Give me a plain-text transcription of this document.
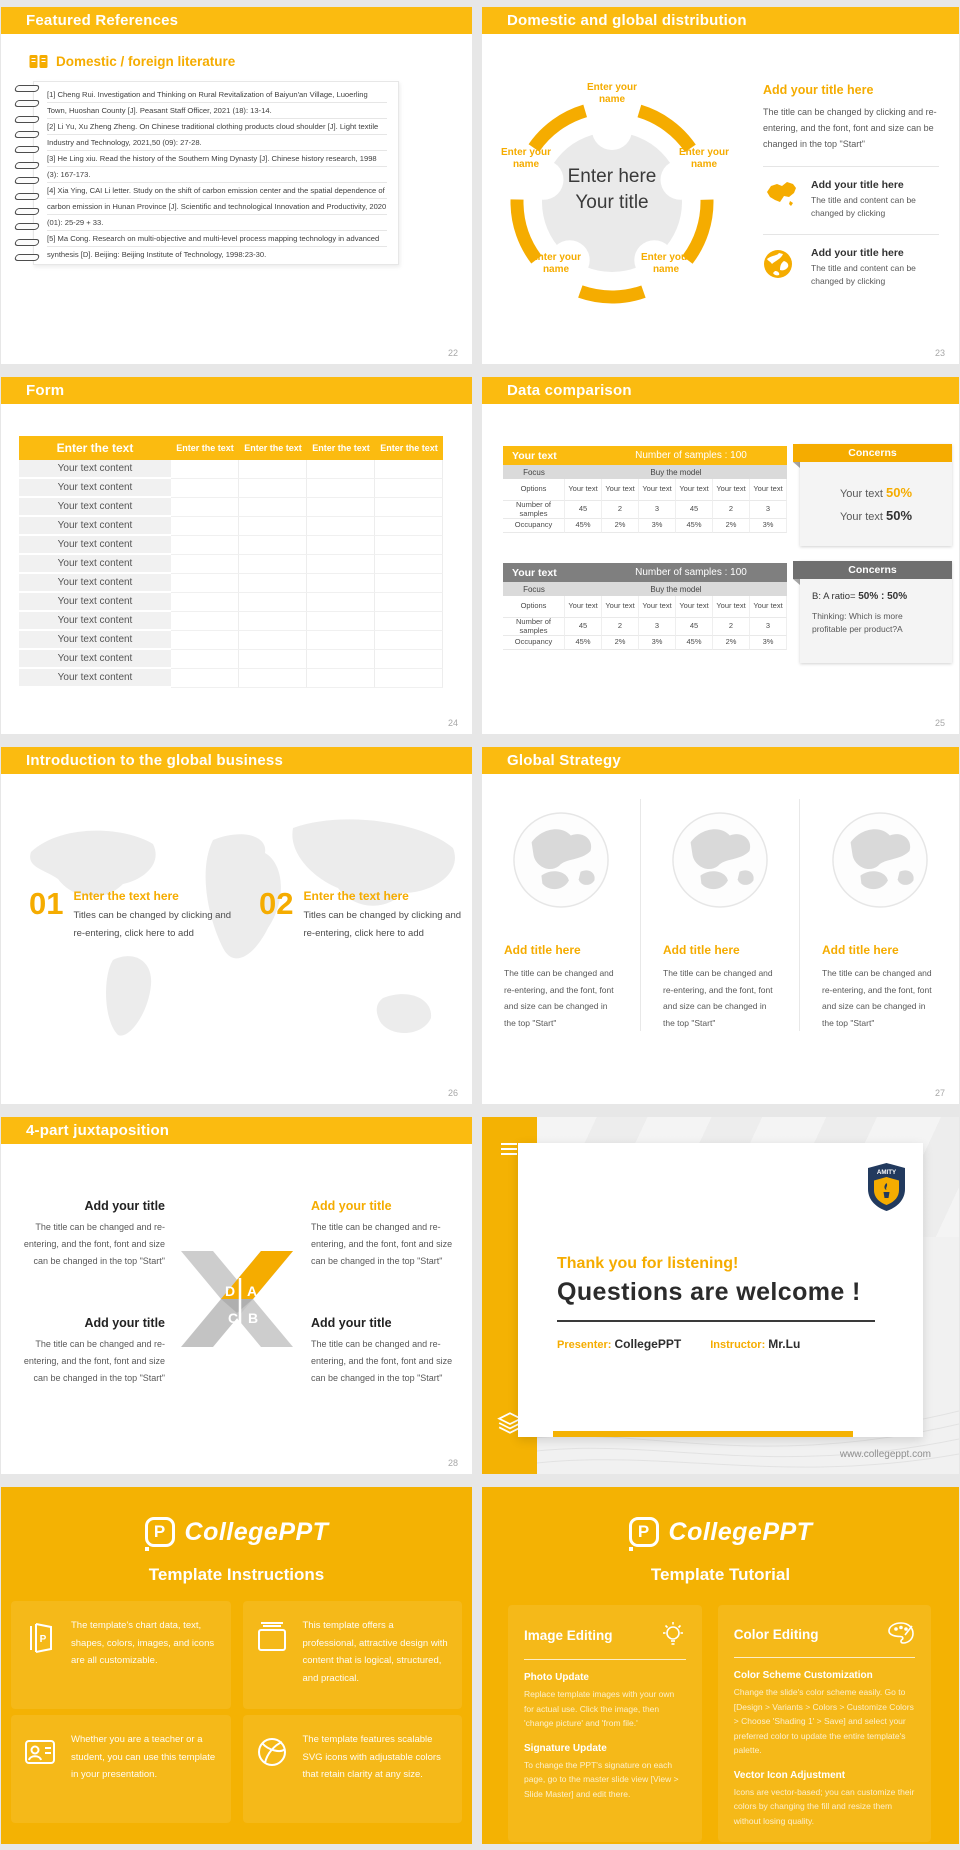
Featured References
Domestic / foreign literature

[1] Cheng Rui. Investigation and Thinking on Rural Revitalization of Baiyun'an Village, Luoerling Town, Huoshan County [J]. Peasant Staff Officer, 2021 (18): 13-14.

[2] Li Yu, Xu Zheng Zheng. On Chinese traditional clothing products cloud shoulder [J]. Light textile Industry and Technology, 2021,50 (09): 27-28.

[3] He Ling xiu. Read the history of the Southern Ming Dynasty [J]. Chinese history research, 1998 (3): 167-173.

[4] Xia Ying, CAI Li letter. Study on the shift of carbon emission center and the spatial dependence of carbon emission in Hunan Province [J]. Scientific and technological Innovation and Productivity, 2020 (01): 25-29 + 33.

[5] Ma Cong. Research on multi-objective and multi-level process mapping technology in advanced synthesis [D]. Beijing: Beijing Institute of Technology, 1998:23-30.

22
Domestic and global distribution
Enter here
Your title
Enter your name
Enter your name
Enter your name
Enter your name
Enter your name
Add your title here

The title can be changed by clicking and re-entering, and the font, font and size can be changed in the top "Start"

Add your title here

The title and content can be changed by clicking

Add your title here

The title and content can be changed by clicking

23
Form
Enter the text	Enter the text	Enter the text	Enter the text	Enter the text
Your text content
Your text content
Your text content
Your text content
Your text content
Your text content
Your text content
Your text content
Your text content
Your text content
Your text content
Your text content
24
Data comparison
Your text	Number of samples : 100
Focus	Buy the model
Options	Your text	Your text	Your text	Your text	Your text	Your text
Number of samples	45	2	3	45	2	3
Occupancy	45%	2%	3%	45%	2%	3%
Concerns
Your text 50%
Your text 50%
Your text	Number of samples : 100
Focus	Buy the model
Options	Your text	Your text	Your text	Your text	Your text	Your text
Number of samples	45	2	3	45	2	3
Occupancy	45%	2%	3%	45%	2%	3%
Concerns
B: A ratio= 50% : 50%

Thinking: Which is more profitable per product?A

25
Introduction to the global business
01 Enter the text here

Titles can be changed by clicking and re-entering, click here to add

02 Enter the text here

Titles can be changed by clicking and re-entering, click here to add

26
Global Strategy
Add title here

The title can be changed and re-entering, and the font, font and size can be changed in the top "Start"

Add title here

The title can be changed and re-entering, and the font, font and size can be changed in the top "Start"

Add title here

The title can be changed and re-entering, and the font, font and size can be changed in the top "Start"

27
4-part juxtaposition
Add your title

The title can be changed and re-entering, and the font, font and size can be changed in the top "Start"

Add your title

The title can be changed and re-entering, and the font, font and size can be changed in the top "Start"

Add your title

The title can be changed and re-entering, and the font, font and size can be changed in the top "Start"

Add your title

The title can be changed and re-entering, and the font, font and size can be changed in the top "Start"

D A
C B
28
AMITY
Thank you for listening!
Questions are welcome !
Presenter: CollegePPT	Instructor: Mr.Lu
www.collegeppt.com
P CollegePPT
Template Instructions
P

The template's chart data, text, shapes, colors, images, and icons are all customizable.

This template offers a professional, attractive design with content that is logical, structured, and practical.

Whether you are a teacher or a student, you can use this template in your presentation.

The template features scalable SVG icons with adjustable colors that retain clarity at any size.

P CollegePPT
Template Tutorial
Image Editing
Photo Update

Replace template images with your own for actual use. Click the image, then 'change picture' and 'from file.'

Signature Update

To change the PPT's signature on each page, go to the master slide view [View > Slide Master] and edit there.

Color Editing
Color Scheme Customization

Change the slide's color scheme easily. Go to [Design > Variants > Colors > Customize Colors > Choose 'Shading 1' > Save] and select your preferred color to update the entire template's palette.

Vector Icon Adjustment

Icons are vector-based; you can customize their colors by changing the fill and resize them without losing quality.
